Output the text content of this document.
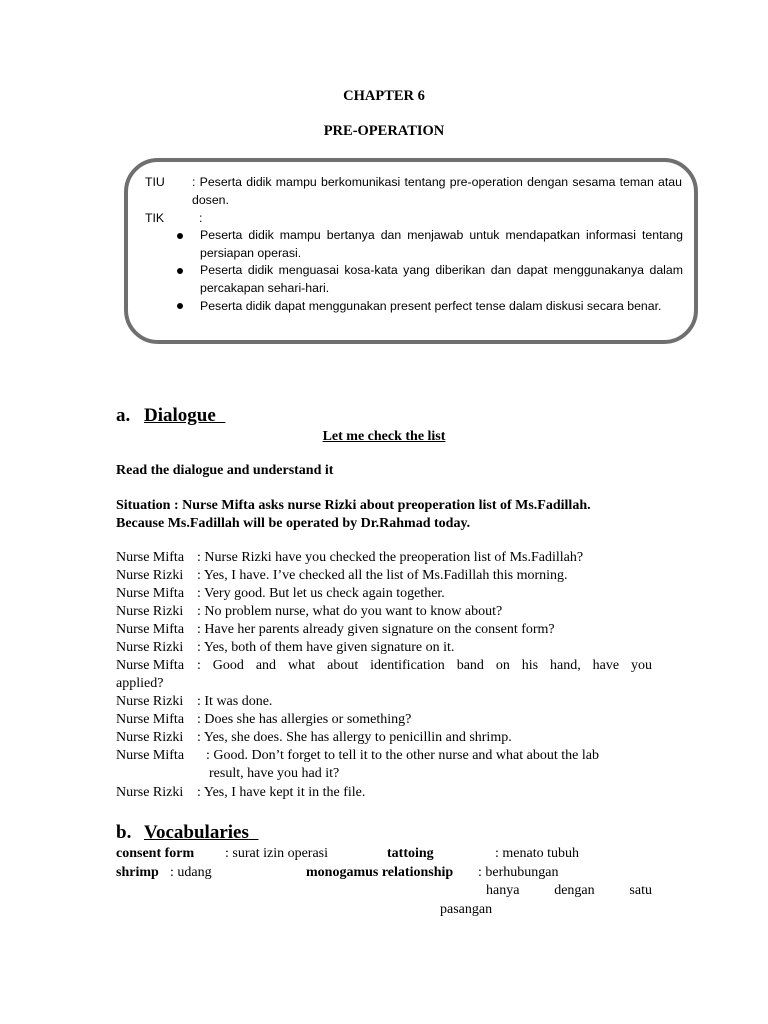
CHAPTER 6
PRE-OPERATION
TIU : Peserta didik mampu berkomunikasi tentang pre-operation dengan sesama teman atau dosen.
TIK	:
Peserta didik mampu bertanya dan menjawab untuk mendapatkan informasi tentang persiapan operasi.
Peserta didik menguasai kosa-kata yang diberikan dan dapat menggunakanya dalam percakapan sehari-hari.
Peserta didik dapat menggunakan present perfect tense dalam diskusi secara benar.
a. Dialogue
Let me check the list
Read the dialogue and understand it
Situation : Nurse Mifta asks nurse Rizki about preoperation list of Ms.Fadillah.
Because Ms.Fadillah will be operated by Dr.Rahmad today.
Nurse Mifta : Nurse Rizki have you checked the preoperation list of Ms.Fadillah?
Nurse Rizki : Yes, I have. I’ve checked all the list of Ms.Fadillah this morning.
Nurse Mifta : Very good. But let us check again together.
Nurse Rizki : No problem nurse, what do you want to know about?
Nurse Mifta : Have her parents already given signature on the consent form?
Nurse Rizki : Yes, both of them have given signature on it.
Nurse Mifta : Good and what about identification band on his hand, have you
applied?
Nurse Rizki : It was done.
Nurse Mifta : Does she has allergies or something?
Nurse Rizki : Yes, she does. She has allergy to penicillin and shrimp.
Nurse Mifta : Good. Don’t forget to tell it to the other nurse and what about the lab
result, have you had it?
Nurse Rizki : Yes, I have kept it in the file.
b. Vocabularies
consent form : surat izin operasi	tattoing	: menato tubuh
shrimp : udang	monogamus relationship : berhubungan
hanya dengan satu
pasangan
